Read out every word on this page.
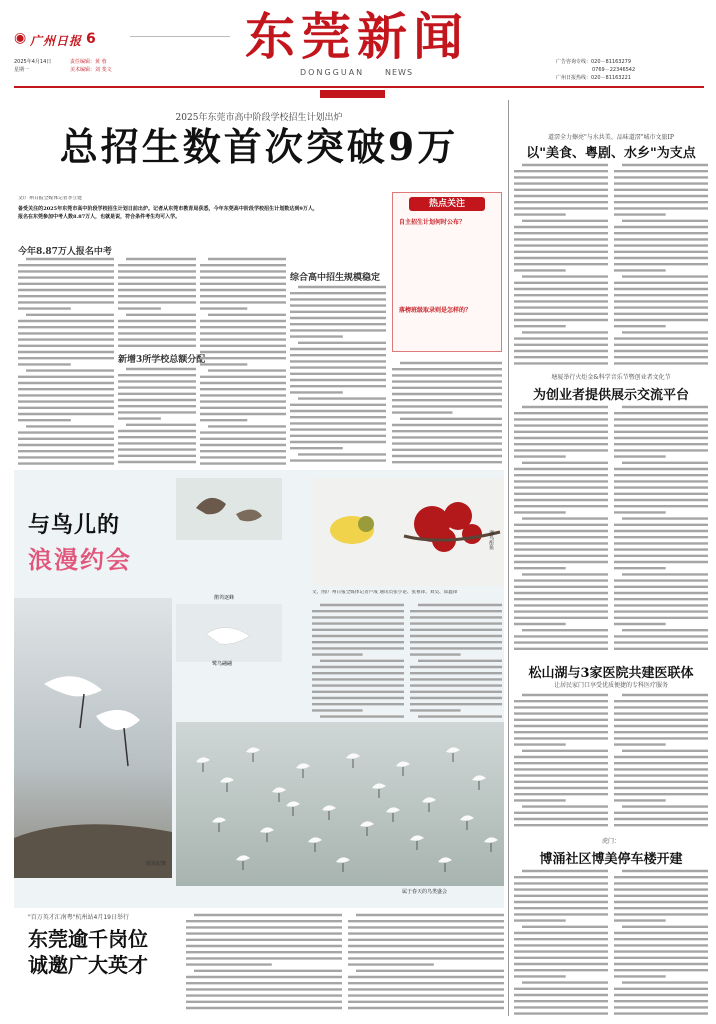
◉ 广州日报 6
2025年4月14日
星期一
责任编辑：黄 蓉
美术编辑：刘 斐文
东莞新闻
DONGGUAN	NEWS
广告咨询专线：020－81163279
0769－22346542
广州日报热线：020－81163221
报料热线 18988828435
2025年东莞市高中阶段学校招生计划出炉
总招生数首次突破9万
文/广州日报全媒体记者李立建
备受关注的2025年东莞市高中阶段学校招生计划日前出炉。记者从东莞市教育局获悉，今年东莞高中阶段学校招生计划数达到9万人，报名在东莞参加中考人数8.87万人，也就是说，符合条件考生均可入学。
热点关注
自主招生计划何时公布？
落榜班级取录则是怎样的？
今年8.87万人报名中考
新增3所学校总额分配
综合高中招生规模稳定
与鸟儿的
浪漫约会
嬉戏起舞
鹡鸰逐蜂
鹭鸟翩翩
翠鸟衔鱼
文、图/广州日报全媒体记者卢成 通讯员张小论、张祖锋、刘昊、郑鑫锋
属于春天的鸟类盛会
"百万英才汇南粤"杭州站4月19日举行
东莞逾千岗位
诚邀广大英才
道滘全力擦亮"与水共美、品味道滘"城市文旅IP
以"美食、粤剧、水乡"为支点
塘厦举行火炬金&科学音乐节暨创业者文化节
为创业者提供展示交流平台
松山湖与3家医院共建医联体
让居民家门口享受优质便捷的专科医疗服务
虎门：
博涌社区博美停车楼开建
